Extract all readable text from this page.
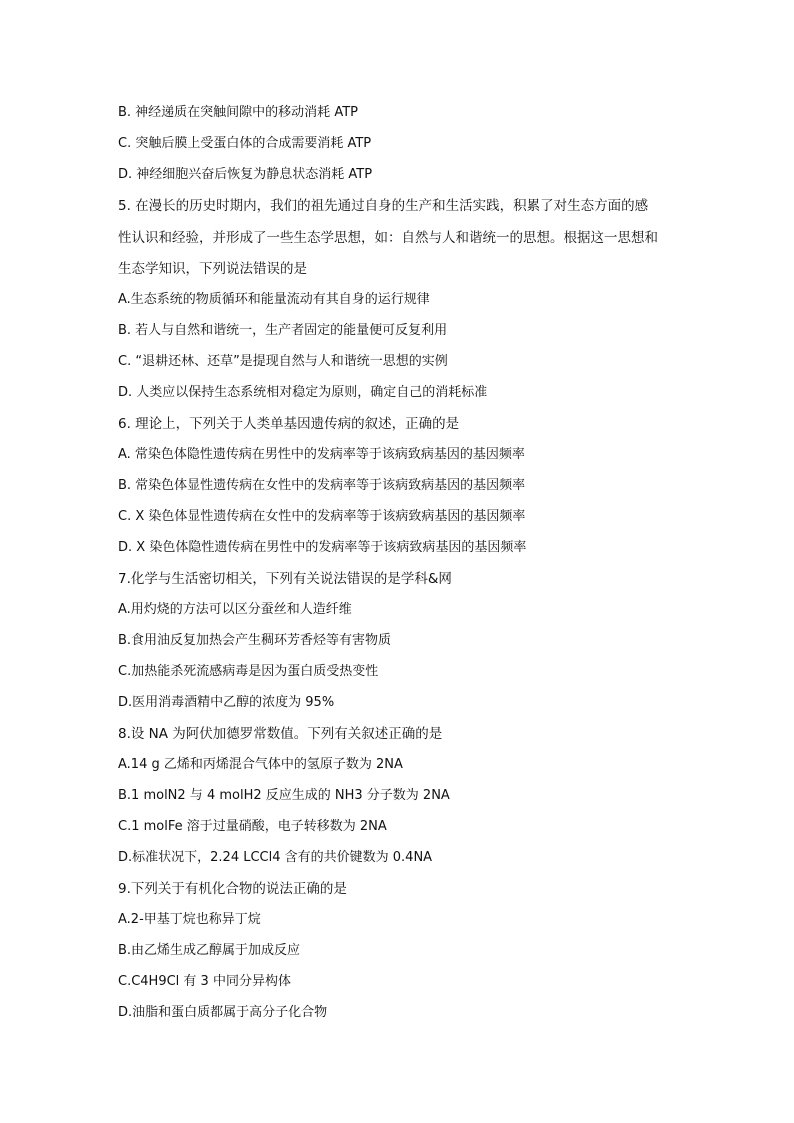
B. 神经递质在突触间隙中的移动消耗 ATP
C. 突触后膜上受蛋白体的合成需要消耗 ATP
D. 神经细胞兴奋后恢复为静息状态消耗 ATP
5. 在漫长的历史时期内，我们的祖先通过自身的生产和生活实践，积累了对生态方面的感
性认识和经验，并形成了一些生态学思想，如：自然与人和谐统一的思想。根据这一思想和
生态学知识，下列说法错误的是
A.生态系统的物质循环和能量流动有其自身的运行规律
B. 若人与自然和谐统一，生产者固定的能量便可反复利用
C. “退耕还林、还草”是提现自然与人和谐统一思想的实例
D. 人类应以保持生态系统相对稳定为原则，确定自己的消耗标准
6. 理论上，下列关于人类单基因遗传病的叙述，正确的是
A. 常染色体隐性遗传病在男性中的发病率等于该病致病基因的基因频率
B. 常染色体显性遗传病在女性中的发病率等于该病致病基因的基因频率
C. X 染色体显性遗传病在女性中的发病率等于该病致病基因的基因频率
D. X 染色体隐性遗传病在男性中的发病率等于该病致病基因的基因频率
7.化学与生活密切相关，下列有关说法错误的是学科&网
A.用灼烧的方法可以区分蚕丝和人造纤维
B.食用油反复加热会产生稠环芳香烃等有害物质
C.加热能杀死流感病毒是因为蛋白质受热变性
D.医用消毒酒精中乙醇的浓度为 95%
8.设 NA 为阿伏加德罗常数值。下列有关叙述正确的是
A.14 g 乙烯和丙烯混合气体中的氢原子数为 2NA
B.1 molN2 与 4 molH2 反应生成的 NH3 分子数为 2NA
C.1 molFe 溶于过量硝酸，电子转移数为 2NA
D.标准状况下，2.24 LCCl4 含有的共价键数为 0.4NA
9.下列关于有机化合物的说法正确的是
A.2-甲基丁烷也称异丁烷
B.由乙烯生成乙醇属于加成反应
C.C4H9Cl 有 3 中同分异构体
D.油脂和蛋白质都属于高分子化合物
